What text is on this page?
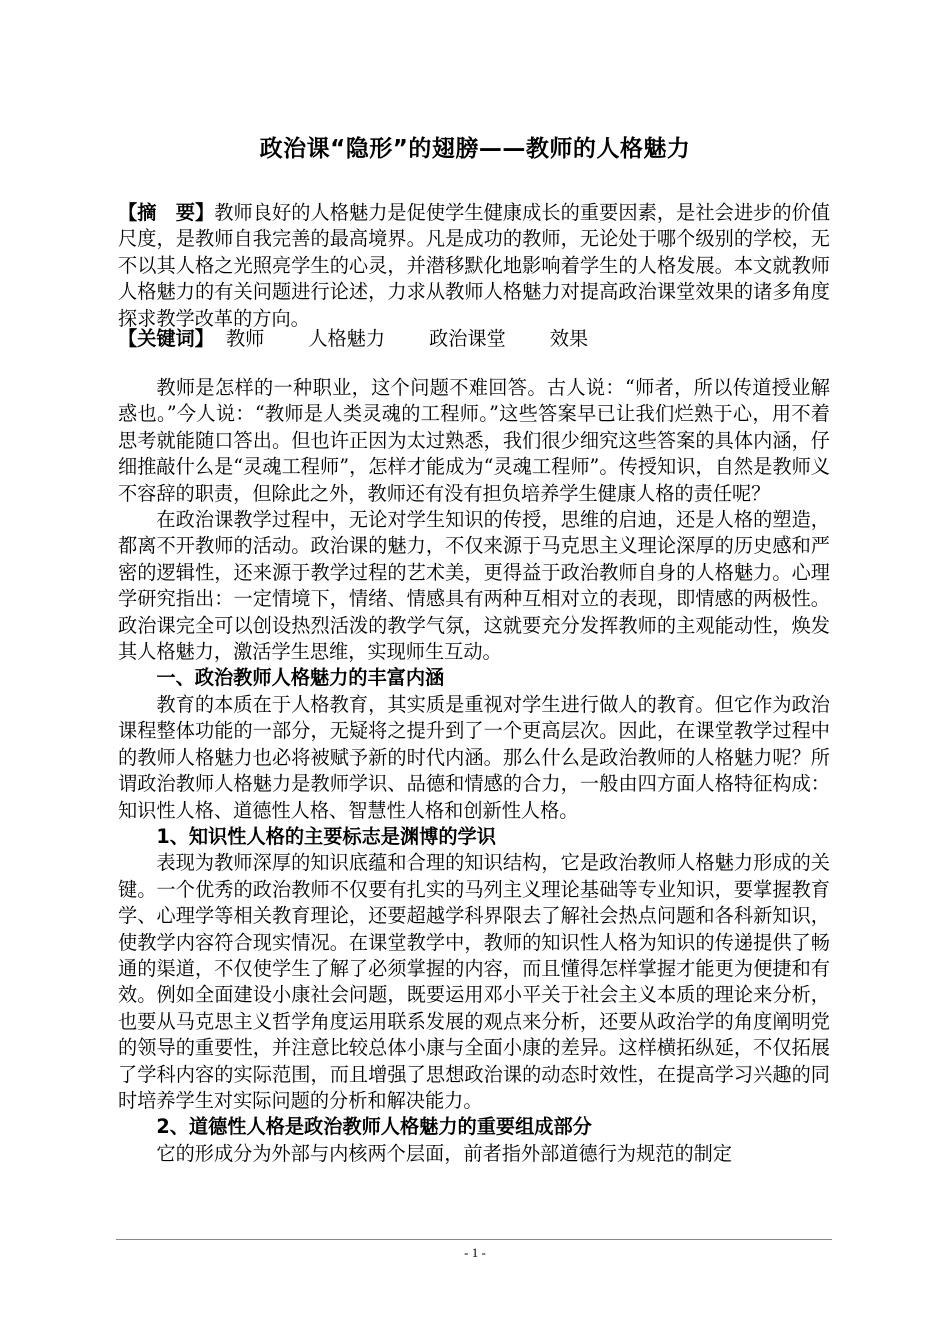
政治课“隐形”的翅膀——教师的人格魅力
【摘　要】教师良好的人格魅力是促使学生健康成长的重要因素，是社会进步的价值尺度，是教师自我完善的最高境界。凡是成功的教师，无论处于哪个级别的学校，无不以其人格之光照亮学生的心灵，并潜移默化地影响着学生的人格发展。本文就教师人格魅力的有关问题进行论述，力求从教师人格魅力对提高政治课堂效果的诸多角度探求教学改革的方向。
【关键词】 教师 人格魅力 政治课堂 效果

教师是怎样的一种职业，这个问题不难回答。古人说：“师者，所以传道授业解惑也。”今人说：“教师是人类灵魂的工程师。”这些答案早已让我们烂熟于心，用不着思考就能随口答出。但也许正因为太过熟悉，我们很少细究这些答案的具体内涵，仔细推敲什么是“灵魂工程师”，怎样才能成为“灵魂工程师”。传授知识，自然是教师义不容辞的职责，但除此之外，教师还有没有担负培养学生健康人格的责任呢？

在政治课教学过程中，无论对学生知识的传授，思维的启迪，还是人格的塑造，都离不开教师的活动。政治课的魅力，不仅来源于马克思主义理论深厚的历史感和严密的逻辑性，还来源于教学过程的艺术美，更得益于政治教师自身的人格魅力。心理学研究指出：一定情境下，情绪、情感具有两种互相对立的表现，即情感的两极性。政治课完全可以创设热烈活泼的教学气氛，这就要充分发挥教师的主观能动性，焕发其人格魅力，激活学生思维，实现师生互动。

一、政治教师人格魅力的丰富内涵

教育的本质在于人格教育，其实质是重视对学生进行做人的教育。但它作为政治课程整体功能的一部分，无疑将之提升到了一个更高层次。因此，在课堂教学过程中的教师人格魅力也必将被赋予新的时代内涵。那么什么是政治教师的人格魅力呢？所谓政治教师人格魅力是教师学识、品德和情感的合力，一般由四方面人格特征构成：知识性人格、道德性人格、智慧性人格和创新性人格。

1、知识性人格的主要标志是渊博的学识

表现为教师深厚的知识底蕴和合理的知识结构，它是政治教师人格魅力形成的关键。一个优秀的政治教师不仅要有扎实的马列主义理论基础等专业知识，要掌握教育学、心理学等相关教育理论，还要超越学科界限去了解社会热点问题和各科新知识，使教学内容符合现实情况。在课堂教学中，教师的知识性人格为知识的传递提供了畅通的渠道，不仅使学生了解了必须掌握的内容，而且懂得怎样掌握才能更为便捷和有效。例如全面建设小康社会问题，既要运用邓小平关于社会主义本质的理论来分析，也要从马克思主义哲学角度运用联系发展的观点来分析，还要从政治学的角度阐明党的领导的重要性，并注意比较总体小康与全面小康的差异。这样横拓纵延，不仅拓展了学科内容的实际范围，而且增强了思想政治课的动态时效性，在提高学习兴趣的同时培养学生对实际问题的分析和解决能力。

2、道德性人格是政治教师人格魅力的重要组成部分

它的形成分为外部与内核两个层面，前者指外部道德行为规范的制定

- 1 -
